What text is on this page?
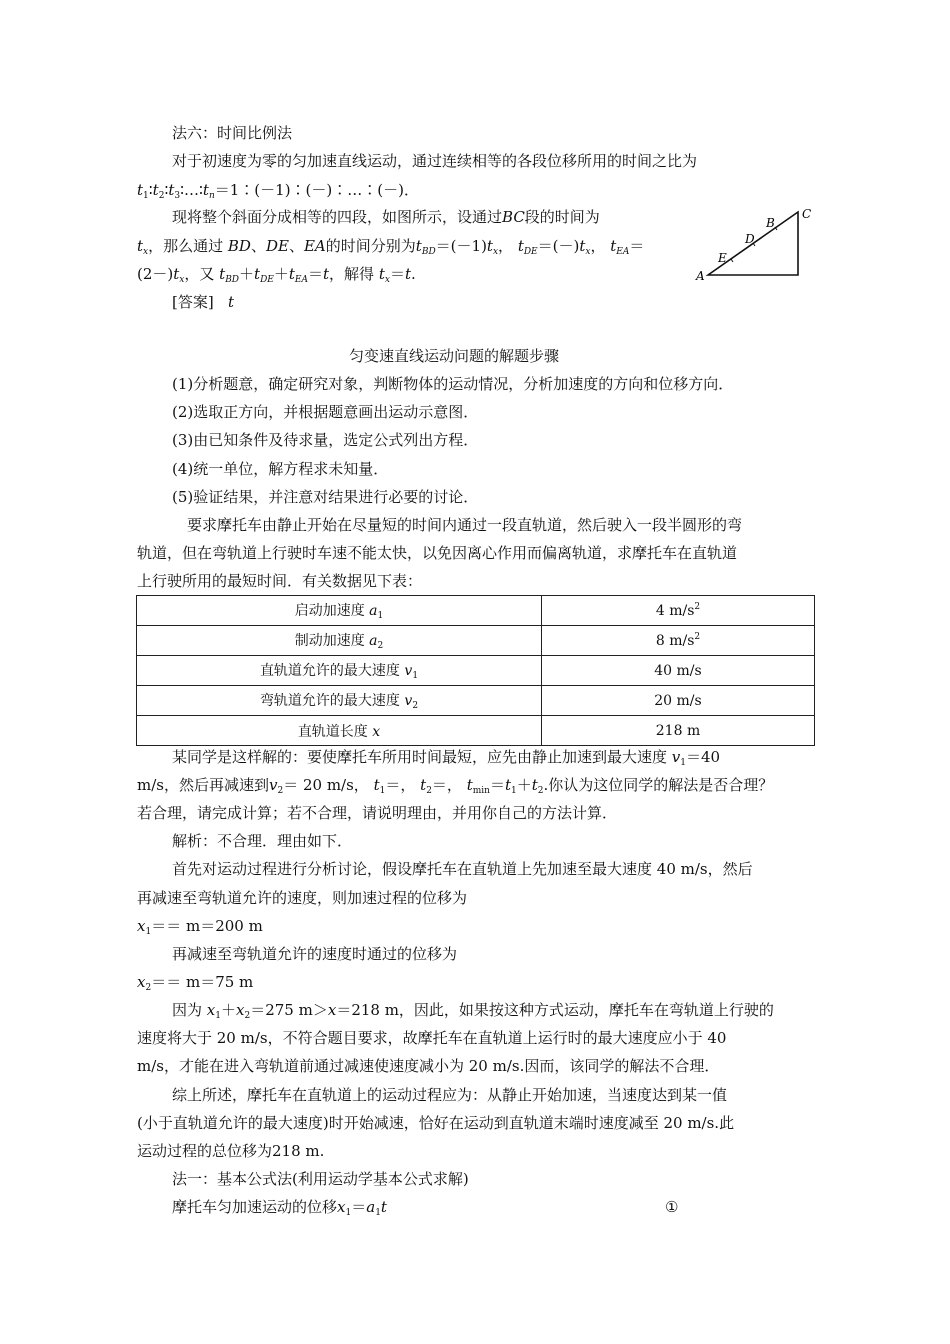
法六：时间比例法
对于初速度为零的匀加速直线运动，通过连续相等的各段位移所用的时间之比为
$t_1∶t_2∶t_3∶\dots∶t_n=1∶(-1)∶(-)∶\dots∶(-)$．
现将整个斜面分成相等的四段，如图所示，设通过BC段的时间为
$t_x$，那么通过 BD、DE、EA的时间分别为$t_{BD}=(-1)t_x$， $t_{DE}=(-)t_x$， $t_{EA}=$
$(2-)t_x$，又 $t_{BD}+t_{DE}+t_{EA}=t$，解得 $t_x=t$.
[答案] t
A
E
D
B
C
匀变速直线运动问题的解题步骤
(1)分析题意，确定研究对象，判断物体的运动情况，分析加速度的方向和位移方向．
(2)选取正方向，并根据题意画出运动示意图．
(3)由已知条件及待求量，选定公式列出方程．
(4)统一单位，解方程求未知量．
(5)验证结果，并注意对结果进行必要的讨论．
要求摩托车由静止开始在尽量短的时间内通过一段直轨道，然后驶入一段半圆形的弯
轨道，但在弯轨道上行驶时车速不能太快，以免因离心作用而偏离轨道，求摩托车在直轨道
上行驶所用的最短时间．有关数据见下表：
启动加速度 $a_1$	4 $m/s^2$
制动加速度 $a_2$	8 $m/s^2$
直轨道允许的最大速度 $v_1$	40 m/s
弯轨道允许的最大速度 $v_2$	20 m/s
直轨道长度 x	218 m
某同学是这样解的：要使摩托车所用时间最短，应先由静止加速到最大速度 $v_1=40$
m/s，然后再减速到$v_2= 20$ m/s， $t_1=$， $t_2=$， $t_{min}=t_1+t_2$.你认为这位同学的解法是否合理？
若合理，请完成计算；若不合理，请说明理由，并用你自己的方法计算．
解析：不合理．理由如下．
首先对运动过程进行分析讨论，假设摩托车在直轨道上先加速至最大速度 40 m/s，然后
再减速至弯轨道允许的速度，则加速过程的位移为
$x_1== m=200$ m
再减速至弯轨道允许的速度时通过的位移为
$x_2== m=75$ m
因为 $x_1+x_2=275$ m＞x＝218 m，因此，如果按这种方式运动，摩托车在弯轨道上行驶的
速度将大于 20 m/s，不符合题目要求，故摩托车在直轨道上运行时的最大速度应小于 40
m/s，才能在进入弯轨道前通过减速使速度减小为 20 m/s.因而，该同学的解法不合理．
综上所述，摩托车在直轨道上的运动过程应为：从静止开始加速，当速度达到某一值
(小于直轨道允许的最大速度)时开始减速，恰好在运动到直轨道末端时速度减至 20 m/s.此
运动过程的总位移为218 m.
法一：基本公式法(利用运动学基本公式求解)
摩托车匀加速运动的位移$x_1=a_1t$	①
